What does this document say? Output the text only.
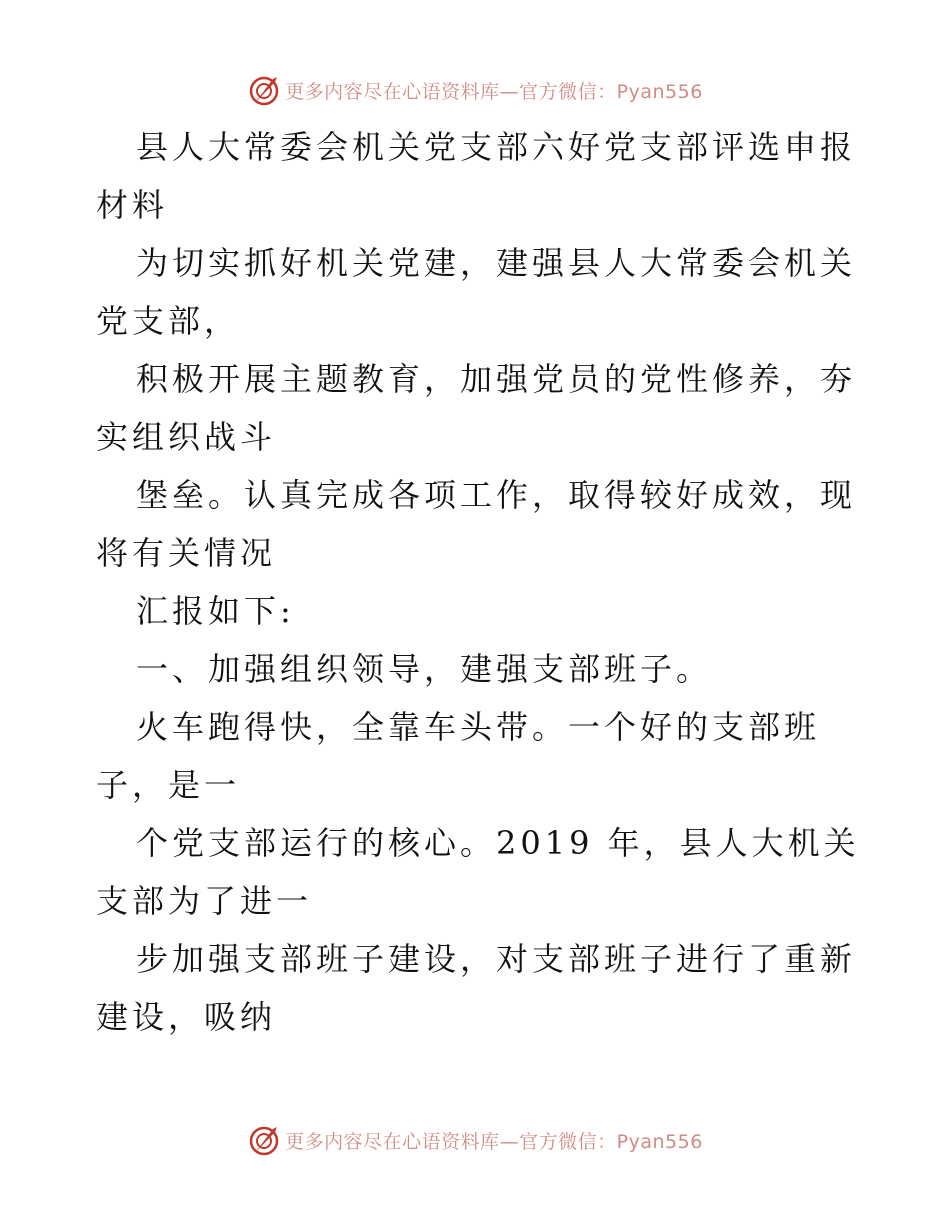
更多内容尽在心语资料库—官方微信：Pyan556

县人大常委会机关党支部六好党支部评选申报材料

为切实抓好机关党建，建强县人大常委会机关党支部，

积极开展主题教育，加强党员的党性修养，夯实组织战斗

堡垒。认真完成各项工作，取得较好成效，现将有关情况

汇报如下:

一、加强组织领导，建强支部班子。

火车跑得快，全靠车头带。一个好的支部班子，是一

个党支部运行的核心。2019 年，县人大机关支部为了进一

步加强支部班子建设，对支部班子进行了重新建设，吸纳

更多内容尽在心语资料库—官方微信：Pyan556
